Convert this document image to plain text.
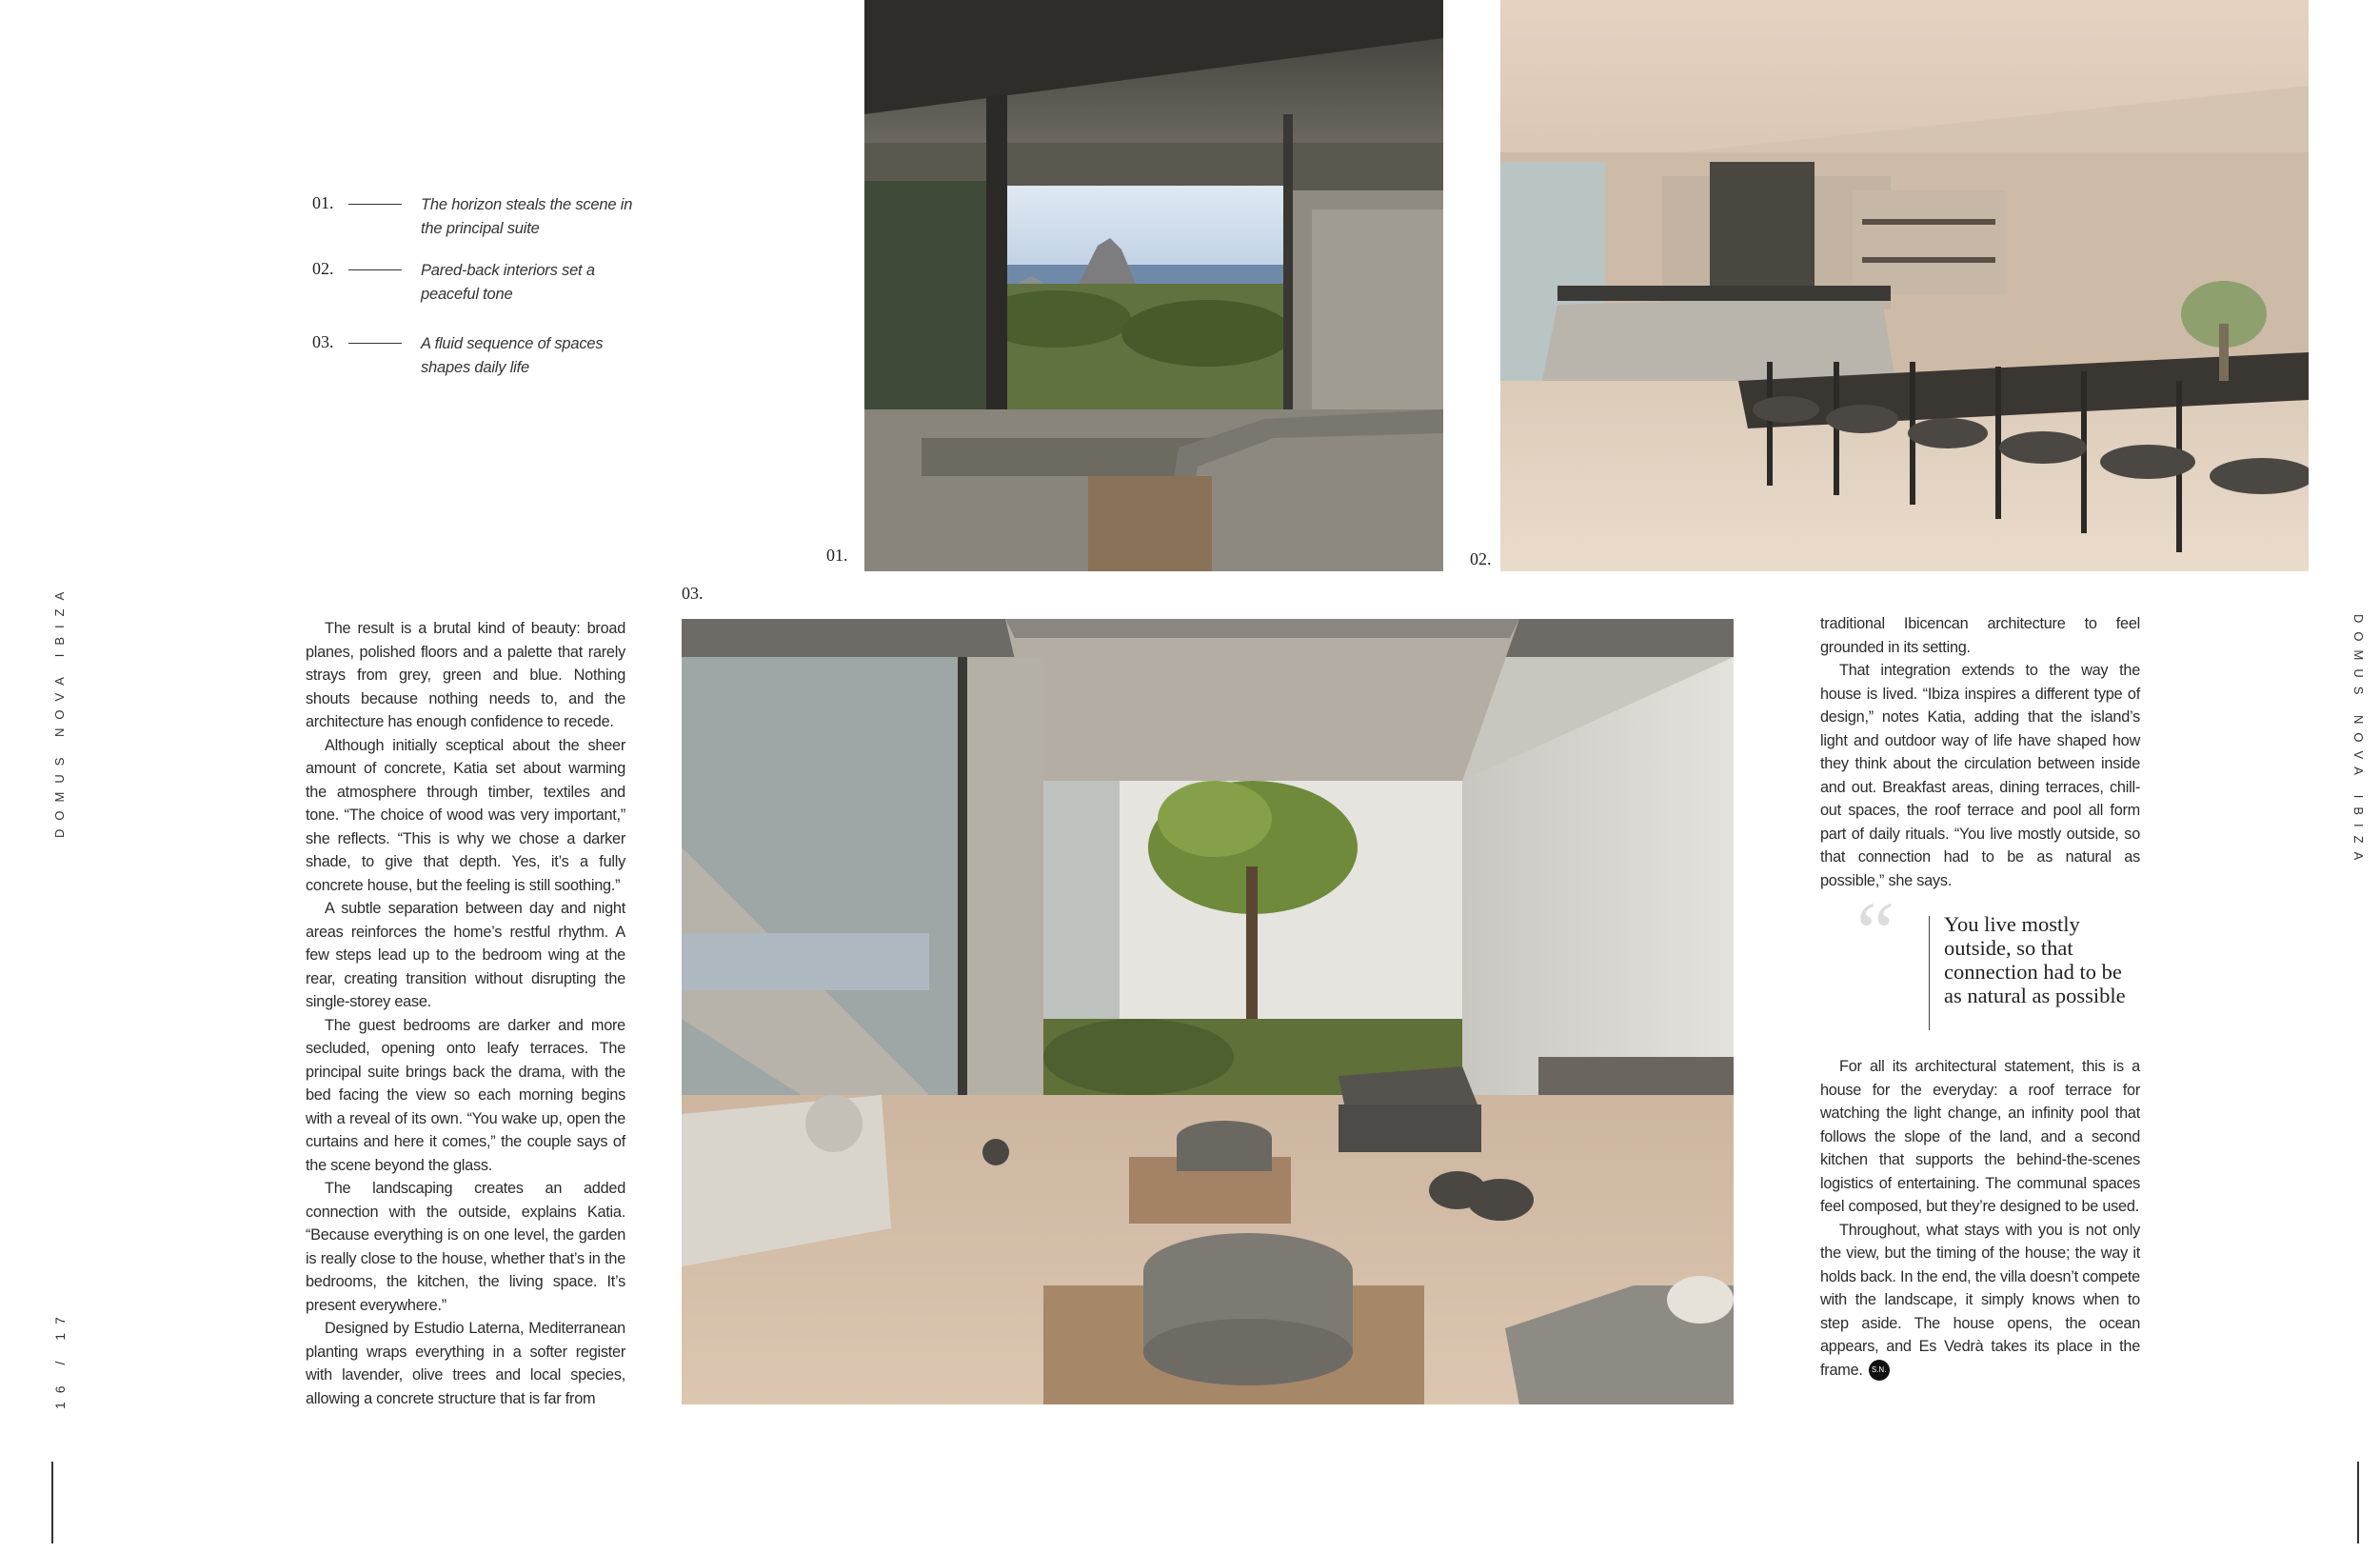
DOMUS NOVA IBIZA	DOMUS NOVA IBIZA
16 / 17
01.	The horizon steals the scene in the principal suite
02.	Pared-back interiors set a peaceful tone
03.	A fluid sequence of spaces shapes daily life
01.	02.
03.

The result is a brutal kind of beauty: broad planes, polished floors and a palette that rarely strays from grey, green and blue. Nothing shouts because nothing needs to, and the architecture has enough confidence to recede.

Although initially sceptical about the sheer amount of concrete, Katia set about warming the atmosphere through timber, textiles and tone. “The choice of wood was very important,” she reflects. “This is why we chose a darker shade, to give that depth. Yes, it’s a fully concrete house, but the feeling is still soothing.”

A subtle separation between day and night areas reinforces the home’s restful rhythm. A few steps lead up to the bedroom wing at the rear, creating transition without disrupting the single-storey ease.

The guest bedrooms are darker and more secluded, opening onto leafy terraces. The principal suite brings back the drama, with the bed facing the view so each morning begins with a reveal of its own. “You wake up, open the curtains and here it comes,” the couple says of the scene beyond the glass.

The landscaping creates an added connection with the outside, explains Katia. “Because everything is on one level, the garden is really close to the house, whether that’s in the bedrooms, the kitchen, the living space. It’s present everywhere.”

Designed by Estudio Laterna, Mediterranean planting wraps everything in a softer register with lavender, olive trees and local species, allowing a concrete structure that is far from

traditional Ibicencan architecture to feel grounded in its setting.

That integration extends to the way the house is lived. “Ibiza inspires a different type of design,” notes Katia, adding that the island’s light and outdoor way of life have shaped how they think about the circulation between inside and out. Breakfast areas, dining terraces, chill-out spaces, the roof terrace and pool all form part of daily rituals. “You live mostly outside, so that connection had to be as natural as possible,” she says.

“ You live mostly outside, so that connection had to be as natural as possible

For all its architectural statement, this is a house for the everyday: a roof terrace for watching the light change, an infinity pool that follows the slope of the land, and a second kitchen that supports the behind-the-scenes logistics of entertaining. The communal spaces feel composed, but they’re designed to be used.

Throughout, what stays with you is not only the view, but the timing of the house; the way it holds back. In the end, the villa doesn’t compete with the landscape, it simply knows when to step aside. The house opens, the ocean appears, and Es Vedrà takes its place in the frame. S.N.
